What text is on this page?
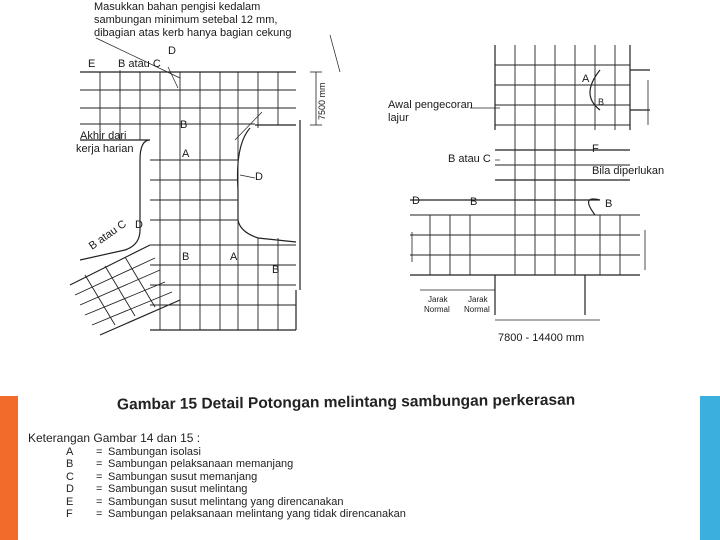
Masukkan bahan pengisi kedalam
sambungan minimum setebal 12 mm,
dibagian atas kerb hanya bagian cekung
7500 mm
E B atau C
D
Akhir dari
kerja harian
B
A
D
B atau C D
B	A
B
Awal pengecoran
lajur
A
B
B atau C
F
Bila diperlukan
D	B	B
Jarak
Normal
Jarak
Normal
7800 - 14400 mm
Gambar 15 Detail Potongan melintang sambungan perkerasan
Keterangan Gambar 14 dan 15 :
A	= Sambungan isolasi
B	= Sambungan pelaksanaan memanjang
C	= Sambungan susut memanjang
D	= Sambungan susut melintang
E	= Sambungan susut melintang yang direncanakan
F	= Sambungan pelaksanaan melintang yang tidak direncanakan
